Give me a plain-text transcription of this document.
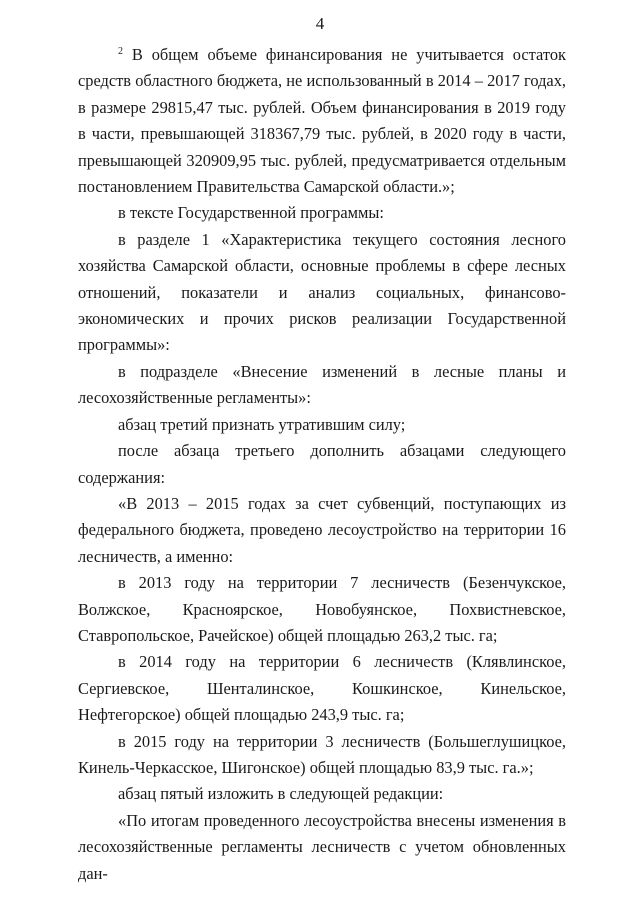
4

$^2$ В общем объеме финансирования не учитывается остаток средств областного бюджета, не использованный в 2014 – 2017 годах, в размере 29815,47 тыс. рублей. Объем финансирования в 2019 году в части, превышающей 318367,79 тыс. рублей, в 2020 году в части, превышающей 320909,95 тыс. рублей, предусматривается отдельным постановлением Правительства Самарской области.»;

в тексте Государственной программы:

в разделе 1 «Характеристика текущего состояния лесного хозяйства Самарской области, основные проблемы в сфере лесных отношений, показатели и анализ социальных, финансово-экономических и прочих рисков реализации Государственной программы»:

в подразделе «Внесение изменений в лесные планы и лесохозяйственные регламенты»:

абзац третий признать утратившим силу;

после абзаца третьего дополнить абзацами следующего содержания:

«В 2013 – 2015 годах за счет субвенций, поступающих из федерального бюджета, проведено лесоустройство на территории 16 лесничеств, а именно:

в 2013 году на территории 7 лесничеств (Безенчукское, Волжское, Красноярское, Новобуянское, Похвистневское, Ставропольское, Рачейское) общей площадью 263,2 тыс. га;

в 2014 году на территории 6 лесничеств (Клявлинское, Сергиевское, Шенталинское, Кошкинское, Кинельское, Нефтегорское) общей площадью 243,9 тыс. га;

в 2015 году на территории 3 лесничеств (Большеглушицкое, Кинель-Черкасское, Шигонское) общей площадью 83,9 тыс. га.»;

абзац пятый изложить в следующей редакции:

«По итогам проведенного лесоустройства внесены изменения в лесохозяйственные регламенты лесничеств с учетом обновленных дан-
